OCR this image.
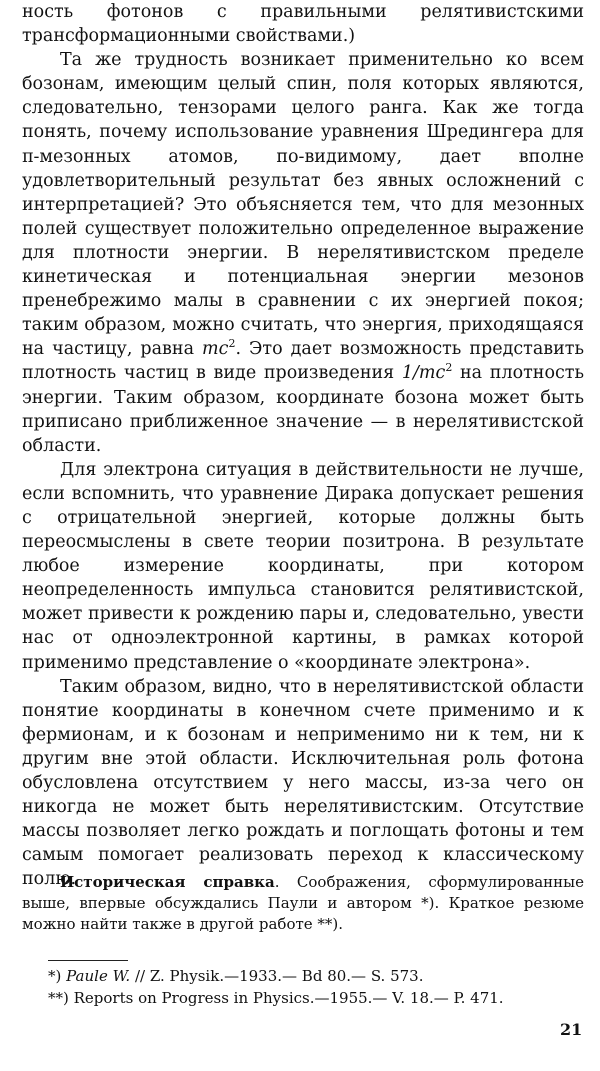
ность фотонов с правильными релятивистскими трансформационными свойствами.)

Та же трудность возникает применительно ко всем бозонам, имеющим целый спин, поля которых являются, следовательно, тензорами целого ранга. Как же тогда понять, почему использование уравнения Шредингера для π-мезонных атомов, по-видимому, дает вполне удовлетворительный результат без явных осложнений с интерпретацией? Это объясняется тем, что для мезонных полей существует положительно определенное выражение для плотности энергии. В нерелятивистском пределе кинетическая и потенциальная энергии мезонов пренебрежимо малы в сравнении с их энергией покоя; таким образом, можно считать, что энергия, приходящаяся на частицу, равна $mc^2$. Это дает возможность представить плотность частиц в виде произведения $1/mc^2$ на плотность энергии. Таким образом, координате бозона может быть приписано приближенное значение — в нерелятивистской области.

Для электрона ситуация в действительности не лучше, если вспомнить, что уравнение Дирака допускает решения с отрицательной энергией, которые должны быть переосмыслены в свете теории позитрона. В результате любое измерение координаты, при котором неопределенность импульса становится релятивистской, может привести к рождению пары и, следовательно, увести нас от одноэлектронной картины, в рамках которой применимо представление о «координате электрона».

Таким образом, видно, что в нерелятивистской области понятие координаты в конечном счете применимо и к фермионам, и к бозонам и неприменимо ни к тем, ни к другим вне этой области. Исключительная роль фотона обусловлена отсутствием у него массы, из-за чего он никогда не может быть нерелятивистским. Отсутствие массы позволяет легко рождать и поглощать фотоны и тем самым помогает реализовать переход к классическому полю.

Историческая справка. Соображения, сформулированные выше, впервые обсуждались Паули и автором *). Краткое резюме можно найти также в другой работе **).
*) Paule W. // Z. Physik.—1933.— Bd 80.— S. 573.
**) Reports on Progress in Physics.—1955.— V. 18.— P. 471.
21
